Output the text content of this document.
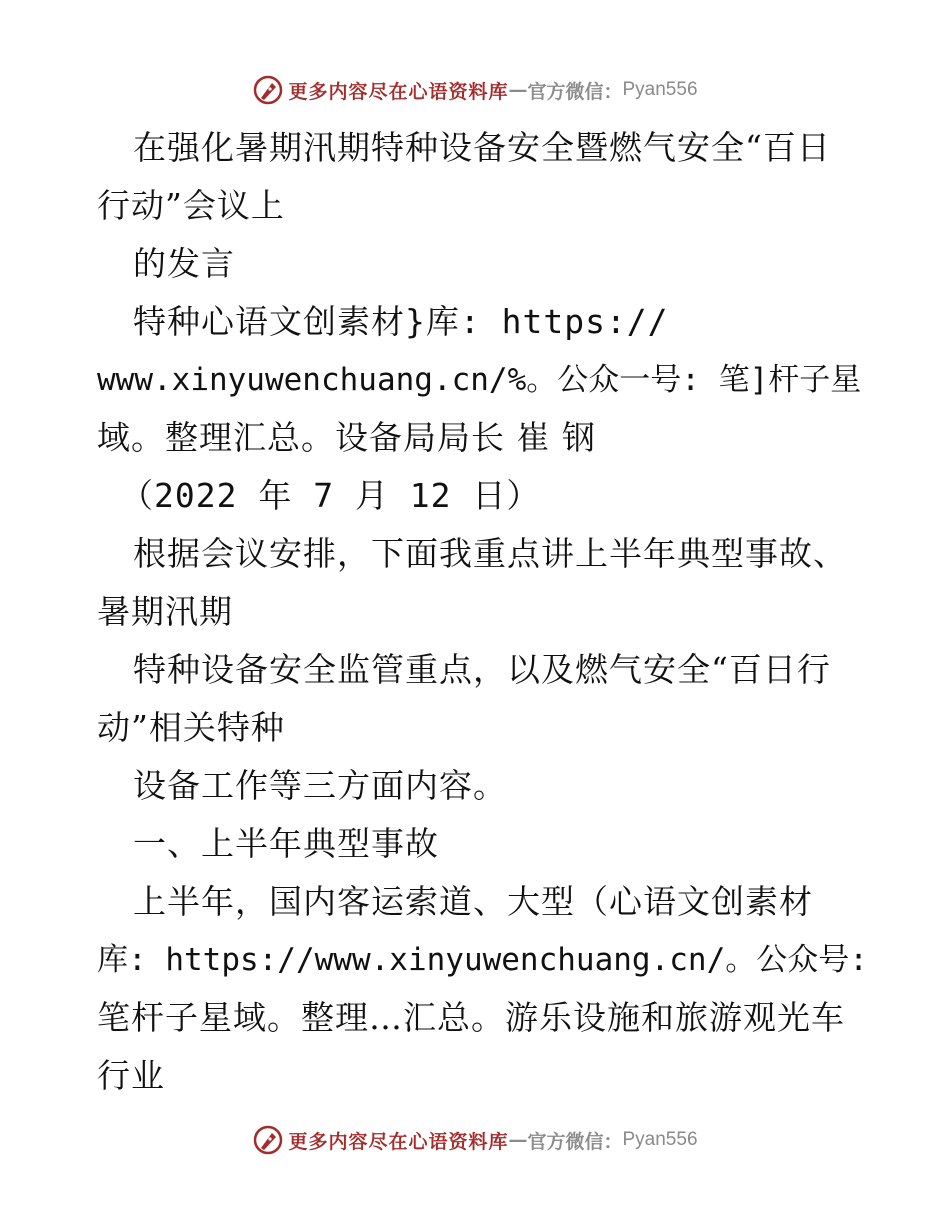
更多内容尽在心语资料库 — 官方微信： Pyan556
在强化暑期汛期特种设备安全暨燃气安全“百日
行动”会议上
的发言
特种心语文创素材}库: https://
www.xinyuwenchuang.cn/%。公众一号: 笔]杆子星
域。整理汇总。设备局局长 崔 钢
（2022 年 7 月 12 日）
根据会议安排，下面我重点讲上半年典型事故、
暑期汛期
特种设备安全监管重点，以及燃气安全“百日行
动”相关特种
设备工作等三方面内容。
一、上半年典型事故
上半年，国内客运索道、大型（心语文创素材
库: https://www.xinyuwenchuang.cn/。公众号:
笔杆子星域。整理…汇总。游乐设施和旅游观光车
行业
更多内容尽在心语资料库 — 官方微信： Pyan556
